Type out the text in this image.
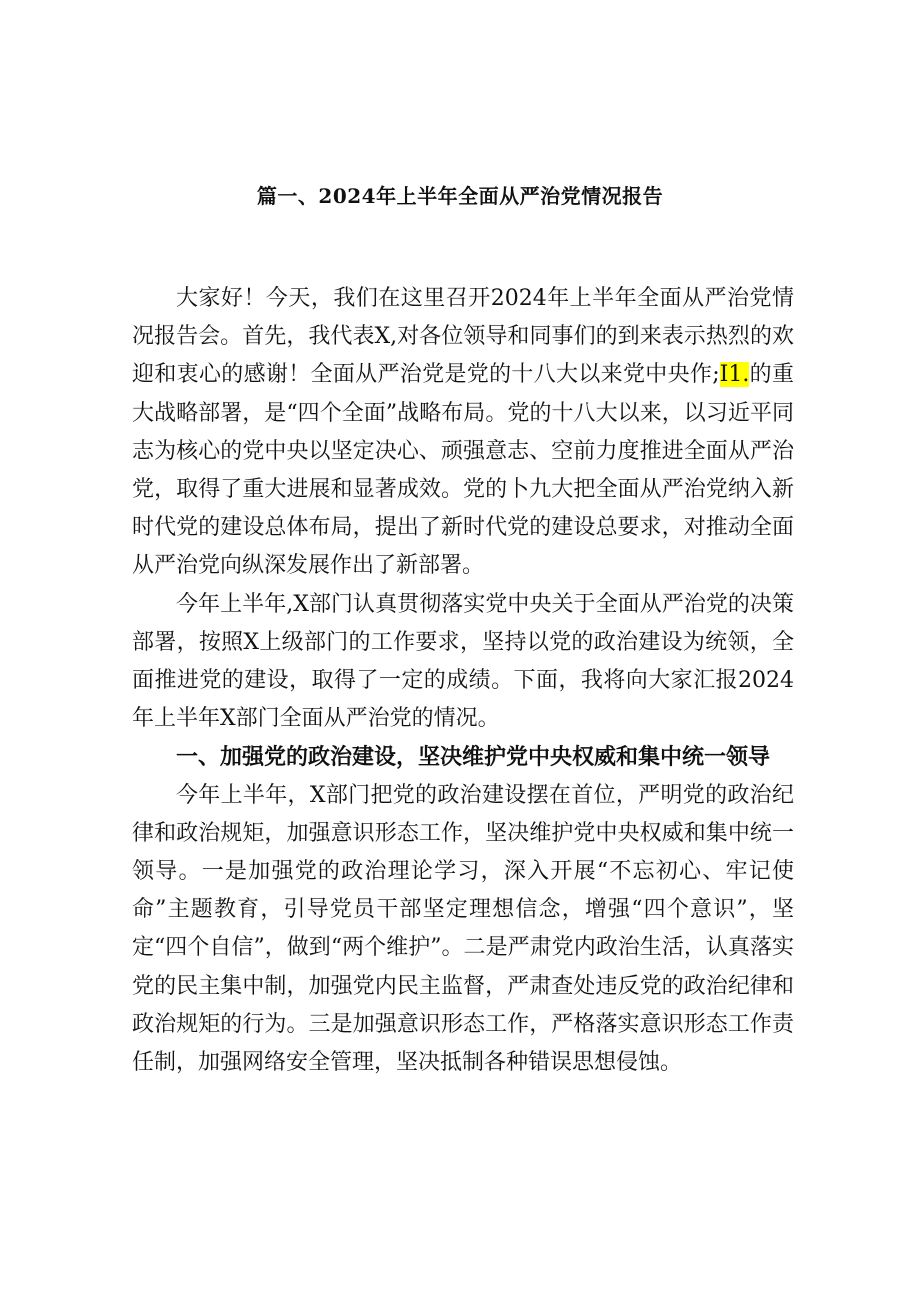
篇一、2024年上半年全面从严治党情况报告

大家好！今天，我们在这里召开2024年上半年全面从严治党情况报告会。首先，我代表X,对各位领导和同事们的到来表示热烈的欢迎和衷心的感谢！全面从严治党是党的十八大以来党中央作;I1.的重大战略部署，是“四个全面”战略布局。党的十八大以来，以习近平同志为核心的党中央以坚定决心、顽强意志、空前力度推进全面从严治党，取得了重大进展和显著成效。党的卜九大把全面从严治党纳入新时代党的建设总体布局，提出了新时代党的建设总要求，对推动全面从严治党向纵深发展作出了新部署。

今年上半年,X部门认真贯彻落实党中央关于全面从严治党的决策部署，按照X上级部门的工作要求，坚持以党的政治建设为统领，全面推进党的建设，取得了一定的成绩。下面，我将向大家汇报2024年上半年X部门全面从严治党的情况。

一、加强党的政治建设，坚决维护党中央权威和集中统一领导

今年上半年，X部门把党的政治建设摆在首位，严明党的政治纪律和政治规矩，加强意识形态工作，坚决维护党中央权威和集中统一领导。一是加强党的政治理论学习，深入开展“不忘初心、牢记使命”主题教育，引导党员干部坚定理想信念，增强“四个意识”，坚定“四个自信”，做到“两个维护”。二是严肃党内政治生活，认真落实党的民主集中制，加强党内民主监督，严肃查处违反党的政治纪律和政治规矩的行为。三是加强意识形态工作，严格落实意识形态工作责任制，加强网络安全管理，坚决抵制各种错误思想侵蚀。
